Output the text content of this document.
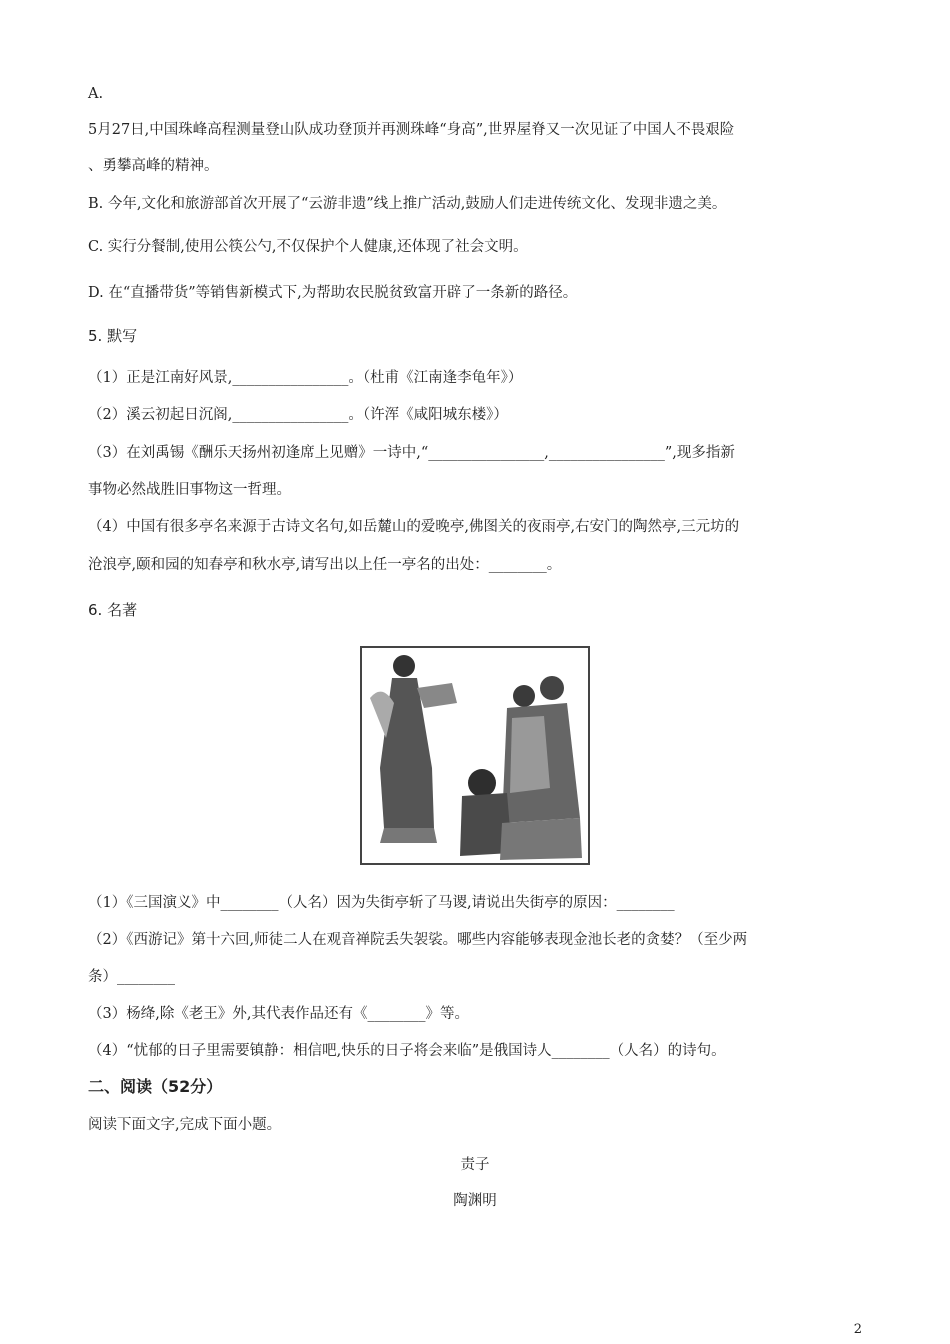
A.
5月27日,中国珠峰高程测量登山队成功登顶并再测珠峰“身高”,世界屋脊又一次见证了中国人不畏艰险
、勇攀高峰的精神。
B. 今年,文化和旅游部首次开展了“云游非遗”线上推广活动,鼓励人们走进传统文化、发现非遗之美。
C. 实行分餐制,使用公筷公勺,不仅保护个人健康,还体现了社会文明。
D. 在“直播带货”等销售新模式下,为帮助农民脱贫致富开辟了一条新的路径。
5. 默写
（1）正是江南好风景,________________。（杜甫《江南逢李龟年》）
（2）溪云初起日沉阁,________________。（许浑《咸阳城东楼》）
（3）在刘禹锡《酬乐天扬州初逢席上见赠》一诗中,“________________,________________”,现多指新
事物必然战胜旧事物这一哲理。
（4）中国有很多亭名来源于古诗文名句,如岳麓山的爱晚亭,佛图关的夜雨亭,右安门的陶然亭,三元坊的
沧浪亭,颐和园的知春亭和秋水亭,请写出以上任一亭名的出处：________。
6. 名著
（1）《三国演义》中________（人名）因为失街亭斩了马谡,请说出失街亭的原因：________
（2）《西游记》第十六回,师徒二人在观音禅院丢失袈裟。哪些内容能够表现金池长老的贪婪？（至少两
条）________
（3）杨绛,除《老王》外,其代表作品还有《________》等。
（4）“忧郁的日子里需要镇静：相信吧,快乐的日子将会来临”是俄国诗人________（人名）的诗句。
二、阅读（52分）
阅读下面文字,完成下面小题。
责子
陶渊明
2
